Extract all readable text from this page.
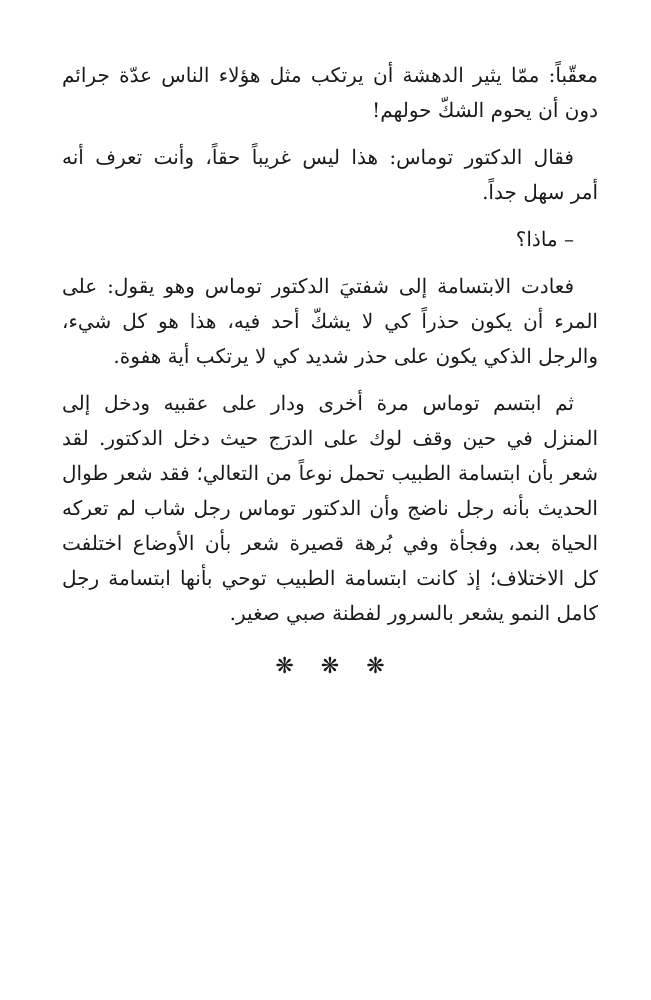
معقّباً: ممّا يثير الدهشة أن يرتكب مثل هؤلاء الناس عدّة جرائم
دون أن يحوم الشكّ حولهم!

فقال الدكتور توماس: هذا ليس غريباً حقاً، وأنت تعرف أنه
أمر سهل جداً.

– ماذا؟

فعادت الابتسامة إلى شفتيَ الدكتور توماس وهو يقول: على
المرء أن يكون حذراً كي لا يشكّ أحد فيه، هذا هو كل شيء،
والرجل الذكي يكون على حذر شديد كي لا يرتكب أية هفوة.

ثم ابتسم توماس مرة أخرى ودار على عقبيه ودخل إلى
المنزل في حين وقف لوك على الدرَج حيث دخل الدكتور. لقد
شعر بأن ابتسامة الطبيب تحمل نوعاً من التعالي؛ فقد شعر طوال
الحديث بأنه رجل ناضج وأن الدكتور توماس رجل شاب لم تعركه
الحياة بعد، وفجأة وفي بُرهة قصيرة شعر بأن الأوضاع اختلفت
كل الاختلاف؛ إذ كانت ابتسامة الطبيب توحي بأنها ابتسامة رجل
كامل النمو يشعر بالسرور لفطنة صبي صغير.

❋ ❋ ❋
